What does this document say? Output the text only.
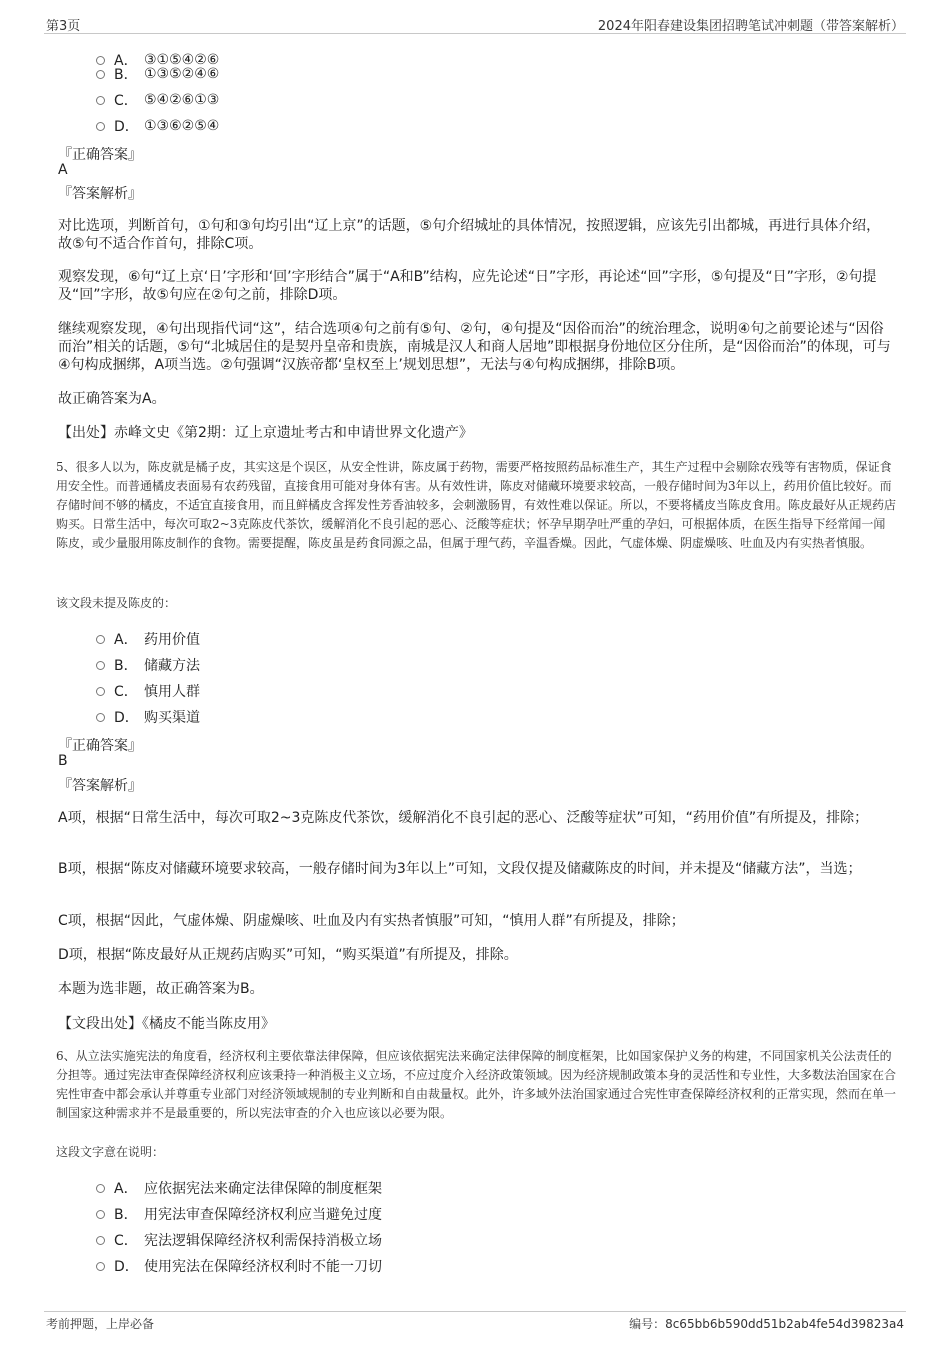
第3页	2024年阳春建设集团招聘笔试冲刺题（带答案解析）
A． ③①⑤④②⑥
B． ①③⑤②④⑥
C． ⑤④②⑥①③
D． ①③⑥②⑤④
『正确答案』
A
『答案解析』
对比选项，判断首句，①句和③句均引出“辽上京”的话题，⑤句介绍城址的具体情况，按照逻辑，应该先引出都城，再进行具体介绍，故⑤句不适合作首句，排除C项。
观察发现，⑥句“辽上京‘日’字形和‘回’字形结合”属于“A和B”结构，应先论述“日”字形，再论述“回”字形，⑤句提及“日”字形，②句提及“回”字形，故⑤句应在②句之前，排除D项。
继续观察发现，④句出现指代词“这”，结合选项④句之前有⑤句、②句，④句提及“因俗而治”的统治理念，说明④句之前要论述与“因俗而治”相关的话题，⑤句“北城居住的是契丹皇帝和贵族，南城是汉人和商人居地”即根据身份地位区分住所，是“因俗而治”的体现，可与④句构成捆绑，A项当选。②句强调“汉族帝都‘皇权至上’规划思想”，无法与④句构成捆绑，排除B项。
故正确答案为A。
【出处】赤峰文史《第2期：辽上京遗址考古和申请世界文化遗产》
5、很多人以为，陈皮就是橘子皮，其实这是个误区，从安全性讲，陈皮属于药物，需要严格按照药品标准生产，其生产过程中会剔除农残等有害物质，保证食用安全性。而普通橘皮表面易有农药残留，直接食用可能对身体有害。从有效性讲，陈皮对储藏环境要求较高，一般存储时间为3年以上，药用价值比较好。而存储时间不够的橘皮，不适宜直接食用，而且鲜橘皮含挥发性芳香油较多，会刺激肠胃，有效性难以保证。所以，不要将橘皮当陈皮食用。陈皮最好从正规药店购买。日常生活中，每次可取2~3克陈皮代茶饮，缓解消化不良引起的恶心、泛酸等症状；怀孕早期孕吐严重的孕妇，可根据体质，在医生指导下经常闻一闻陈皮，或少量服用陈皮制作的食物。需要提醒，陈皮虽是药食同源之品，但属于理气药，辛温香燥。因此，气虚体燥、阴虚燥咳、吐血及内有实热者慎服。
该文段未提及陈皮的：
A． 药用价值
B． 储藏方法
C． 慎用人群
D． 购买渠道
『正确答案』
B
『答案解析』
A项，根据“日常生活中，每次可取2~3克陈皮代茶饮，缓解消化不良引起的恶心、泛酸等症状”可知，“药用价值”有所提及，排除；
B项，根据“陈皮对储藏环境要求较高，一般存储时间为3年以上”可知，文段仅提及储藏陈皮的时间，并未提及“储藏方法”，当选；
C项，根据“因此，气虚体燥、阴虚燥咳、吐血及内有实热者慎服”可知，“慎用人群”有所提及，排除；
D项，根据“陈皮最好从正规药店购买”可知，“购买渠道”有所提及，排除。
本题为选非题，故正确答案为B。
【文段出处】《橘皮不能当陈皮用》
6、从立法实施宪法的角度看，经济权利主要依靠法律保障，但应该依据宪法来确定法律保障的制度框架，比如国家保护义务的构建，不同国家机关公法责任的分担等。通过宪法审查保障经济权利应该秉持一种消极主义立场，不应过度介入经济政策领域。因为经济规制政策本身的灵活性和专业性，大多数法治国家在合宪性审查中都会承认并尊重专业部门对经济领域规制的专业判断和自由裁量权。此外，许多域外法治国家通过合宪性审查保障经济权利的正常实现，然而在单一制国家这种需求并不是最重要的，所以宪法审查的介入也应该以必要为限。
这段文字意在说明：
A． 应依据宪法来确定法律保障的制度框架
B． 用宪法审查保障经济权利应当避免过度
C． 宪法逻辑保障经济权利需保持消极立场
D． 使用宪法在保障经济权利时不能一刀切
考前押题，上岸必备	编号：8c65bb6b590dd51b2ab4fe54d39823a4
